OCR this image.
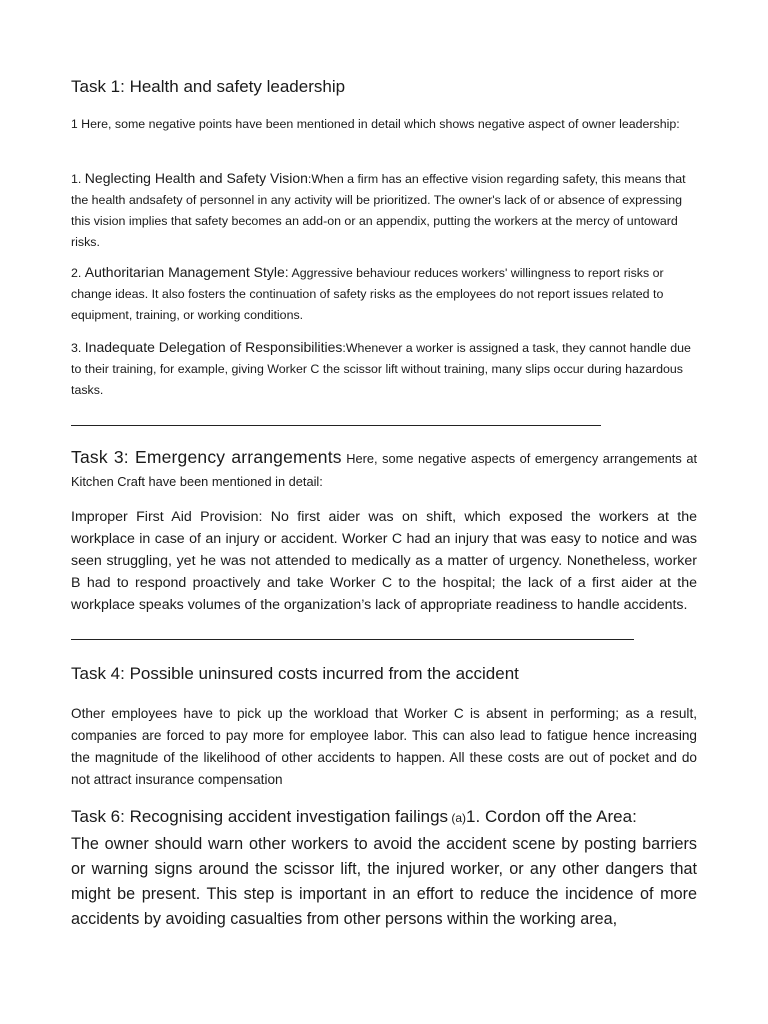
Task 1: Health and safety leadership

1 Here, some negative points have been mentioned in detail which shows negative aspect of owner leadership:

1. Neglecting Health and Safety Vision:When a firm has an effective vision regarding safety, this means that the health andsafety of personnel in any activity will be prioritized. The owner's lack of or absence of expressing this vision implies that safety becomes an add-on or an appendix, putting the workers at the mercy of untoward risks.

2. Authoritarian Management Style: Aggressive behaviour reduces workers' willingness to report risks or change ideas. It also fosters the continuation of safety risks as the employees do not report issues related to equipment, training, or working conditions.

3. Inadequate Delegation of Responsibilities:Whenever a worker is assigned a task, they cannot handle due to their training, for example, giving Worker C the scissor lift without training, many slips occur during hazardous tasks.

Task 3: Emergency arrangements Here, some negative aspects of emergency arrangements at Kitchen Craft have been mentioned in detail:

Improper First Aid Provision: No first aider was on shift, which exposed the workers at the workplace in case of an injury or accident. Worker C had an injury that was easy to notice and was seen struggling, yet he was not attended to medically as a matter of urgency. Nonetheless, worker B had to respond proactively and take Worker C to the hospital; the lack of a first aider at the workplace speaks volumes of the organization’s lack of appropriate readiness to handle accidents.

Task 4: Possible uninsured costs incurred from the accident

Other employees have to pick up the workload that Worker C is absent in performing; as a result, companies are forced to pay more for employee labor. This can also lead to fatigue hence increasing the magnitude of the likelihood of other accidents to happen. All these costs are out of pocket and do not attract insurance compensation

Task 6: Recognising accident investigation failings (a)1. Cordon off the Area:

The owner should warn other workers to avoid the accident scene by posting barriers or warning signs around the scissor lift, the injured worker, or any other dangers that might be present. This step is important in an effort to reduce the incidence of more accidents by avoiding casualties from other persons within the working area,
